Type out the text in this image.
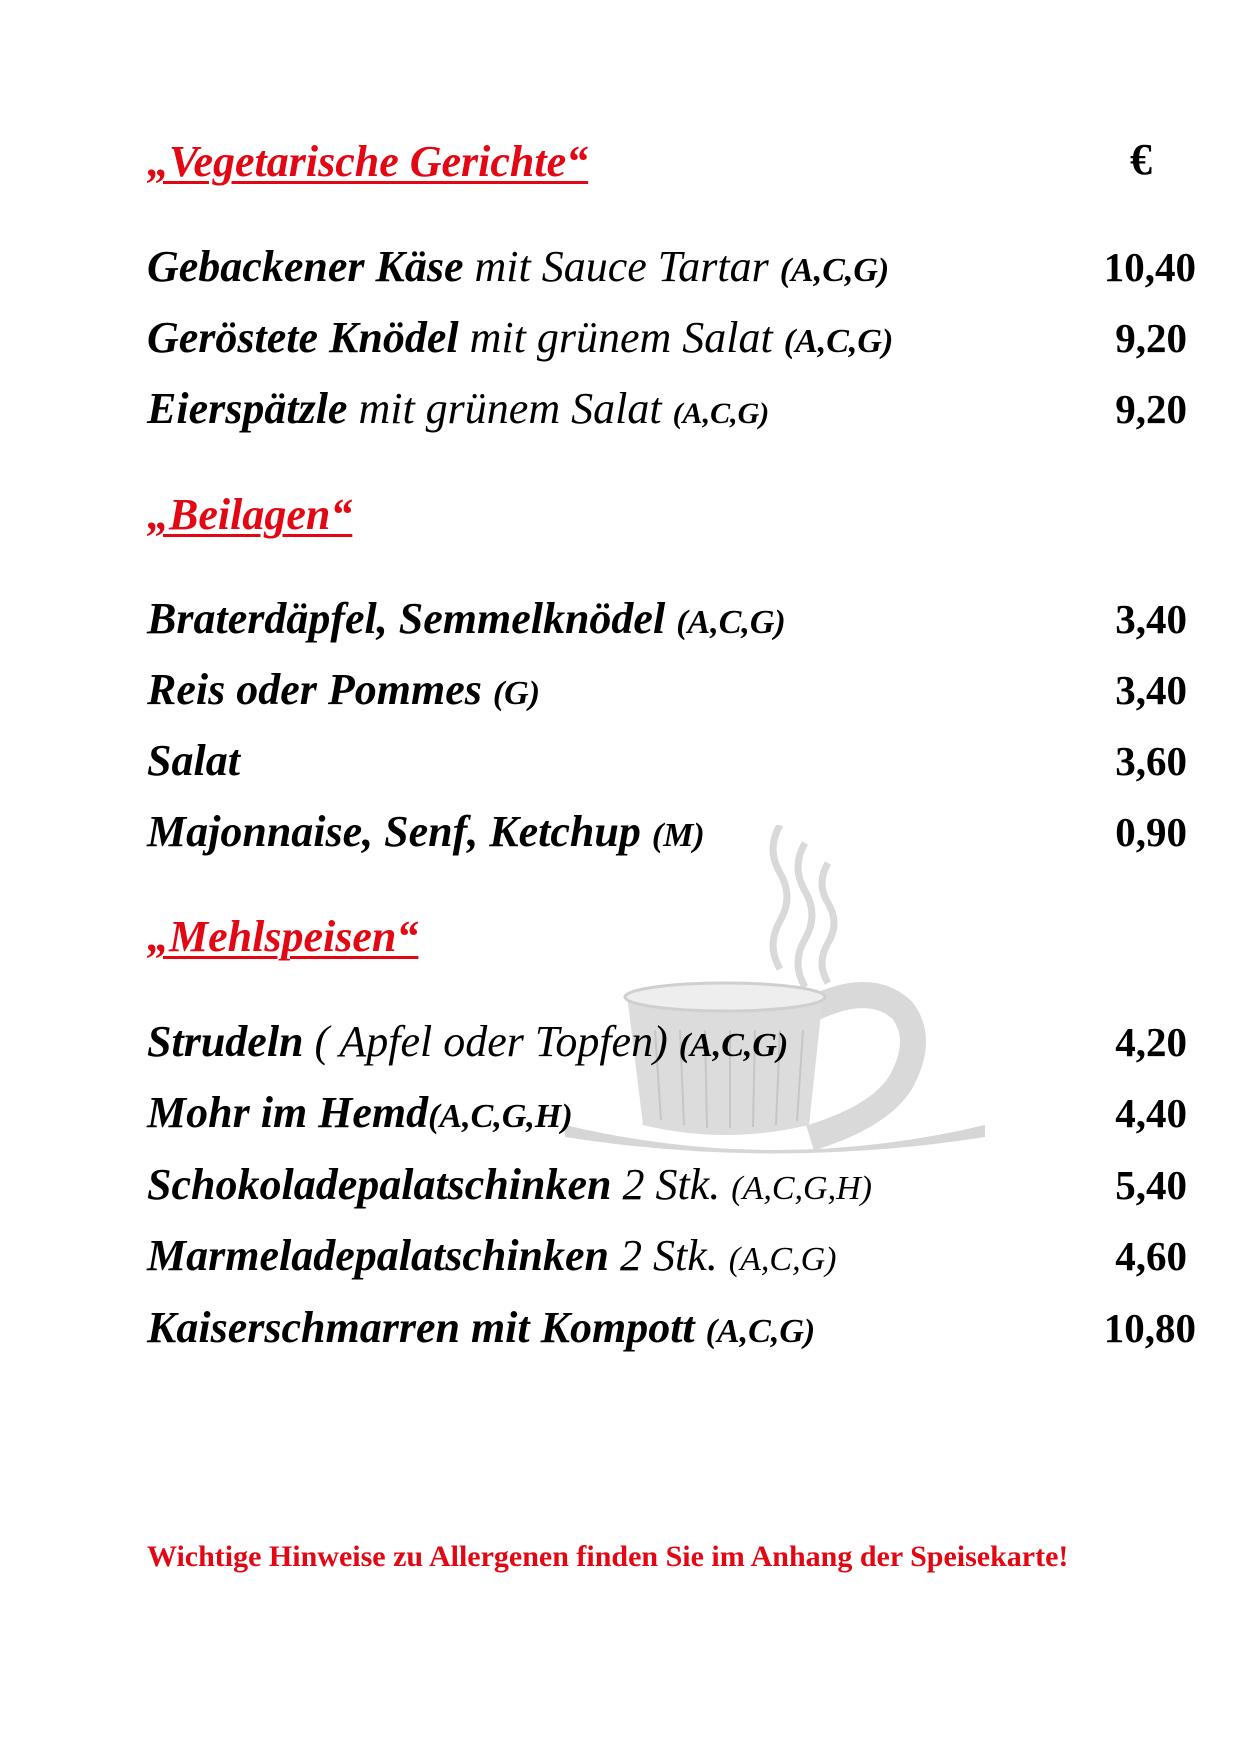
€
„Vegetarische Gerichte“
Gebackener Käse mit Sauce Tartar (A,C,G)	10,40
Geröstete Knödel mit grünem Salat (A,C,G)	9,20
Eierspätzle mit grünem Salat (A,C,G)	9,20
„Beilagen“
Braterdäpfel, Semmelknödel (A,C,G)	3,40
Reis oder Pommes (G)	3,40
Salat	3,60
Majonnaise, Senf, Ketchup (M)	0,90
„Mehlspeisen“
Strudeln ( Apfel oder Topfen) (A,C,G)	4,20
Mohr im Hemd(A,C,G,H)	4,40
Schokoladepalatschinken 2 Stk. (A,C,G,H)	5,40
Marmeladepalatschinken 2 Stk. (A,C,G)	4,60
Kaiserschmarren mit Kompott (A,C,G)	10,80
Wichtige Hinweise zu Allergenen finden Sie im Anhang der Speisekarte!
